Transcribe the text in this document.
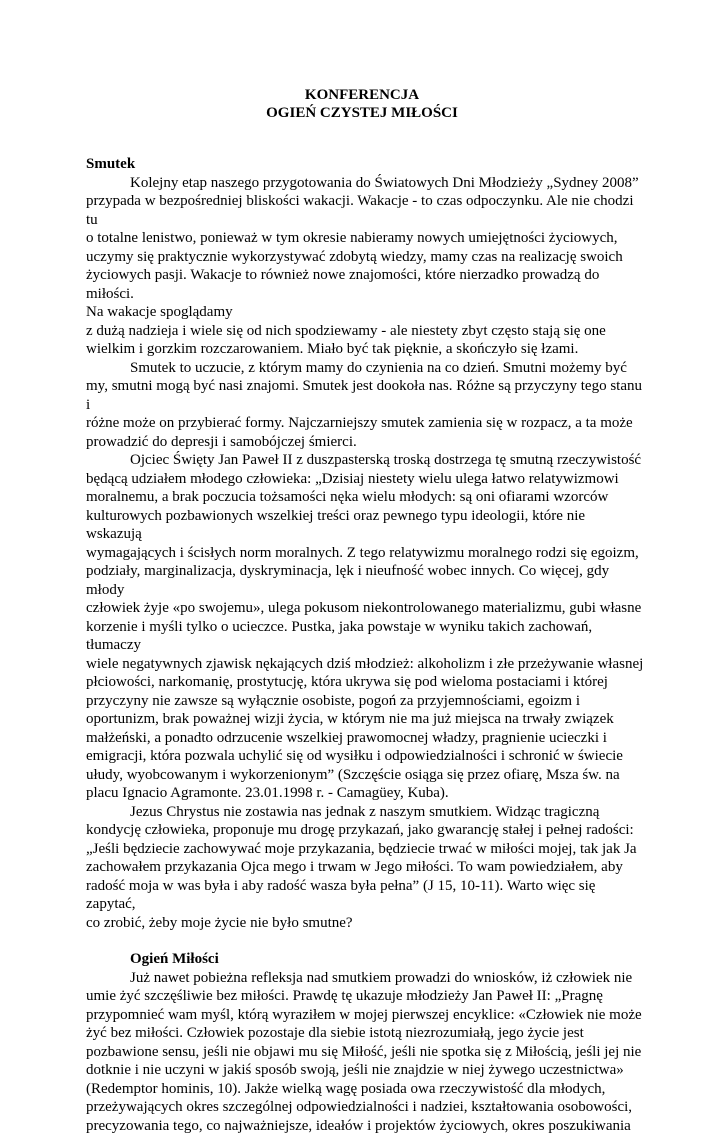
KONFERENCJA
OGIEŃ CZYSTEJ MIŁOŚCI

Smutek

Kolejny etap naszego przygotowania do Światowych Dni Młodzieży „Sydney 2008”
przypada w bezpośredniej bliskości wakacji. Wakacje - to czas odpoczynku. Ale nie chodzi tu
o totalne lenistwo, ponieważ w tym okresie nabieramy nowych umiejętności życiowych,
uczymy się praktycznie wykorzystywać zdobytą wiedzy, mamy czas na realizację swoich
życiowych pasji. Wakacje to również nowe znajomości, które nierzadko prowadzą do miłości.
Na wakacje spoglądamy
z dużą nadzieja i wiele się od nich spodziewamy - ale niestety zbyt często stają się one
wielkim i gorzkim rozczarowaniem. Miało być tak pięknie, a skończyło się łzami.

Smutek to uczucie, z którym mamy do czynienia na co dzień. Smutni możemy być
my, smutni mogą być nasi znajomi. Smutek jest dookoła nas. Różne są przyczyny tego stanu i
różne może on przybierać formy. Najczarniejszy smutek zamienia się w rozpacz, a ta może
prowadzić do depresji i samobójczej śmierci.

Ojciec Święty Jan Paweł II z duszpasterską troską dostrzega tę smutną rzeczywistość
będącą udziałem młodego człowieka: „Dzisiaj niestety wielu ulega łatwo relatywizmowi
moralnemu, a brak poczucia tożsamości nęka wielu młodych: są oni ofiarami wzorców
kulturowych pozbawionych wszelkiej treści oraz pewnego typu ideologii, które nie wskazują
wymagających i ścisłych norm moralnych. Z tego relatywizmu moralnego rodzi się egoizm,
podziały, marginalizacja, dyskryminacja, lęk i nieufność wobec innych. Co więcej, gdy młody
człowiek żyje «po swojemu», ulega pokusom niekontrolowanego materializmu, gubi własne
korzenie i myśli tylko o ucieczce. Pustka, jaka powstaje w wyniku takich zachowań, tłumaczy
wiele negatywnych zjawisk nękających dziś młodzież: alkoholizm i złe przeżywanie własnej
płciowości, narkomanię, prostytucję, która ukrywa się pod wieloma postaciami i której
przyczyny nie zawsze są wyłącznie osobiste, pogoń za przyjemnościami, egoizm i
oportunizm, brak poważnej wizji życia, w którym nie ma już miejsca na trwały związek
małżeński, a ponadto odrzucenie wszelkiej prawomocnej władzy, pragnienie ucieczki i
emigracji, która pozwala uchylić się od wysiłku i odpowiedzialności i schronić w świecie
ułudy, wyobcowanym i wykorzenionym” (Szczęście osiąga się przez ofiarę, Msza św. na
placu Ignacio Agramonte. 23.01.1998 r. - Camagüey, Kuba).

Jezus Chrystus nie zostawia nas jednak z naszym smutkiem. Widząc tragiczną
kondycję człowieka, proponuje mu drogę przykazań, jako gwarancję stałej i pełnej radości:
„Jeśli będziecie zachowywać moje przykazania, będziecie trwać w miłości mojej, tak jak Ja
zachowałem przykazania Ojca mego i trwam w Jego miłości. To wam powiedziałem, aby
radość moja w was była i aby radość wasza była pełna” (J 15, 10-11). Warto więc się zapytać,
co zrobić, żeby moje życie nie było smutne?

Ogień Miłości

Już nawet pobieżna refleksja nad smutkiem prowadzi do wniosków, iż człowiek nie
umie żyć szczęśliwie bez miłości. Prawdę tę ukazuje młodzieży Jan Paweł II: „Pragnę
przypomnieć wam myśl, którą wyraziłem w mojej pierwszej encyklice: «Człowiek nie może
żyć bez miłości. Człowiek pozostaje dla siebie istotą niezrozumiałą, jego życie jest
pozbawione sensu, jeśli nie objawi mu się Miłość, jeśli nie spotka się z Miłością, jeśli jej nie
dotknie i nie uczyni w jakiś sposób swoją, jeśli nie znajdzie w niej żywego uczestnictwa»
(Redemptor hominis, 10). Jakże wielką wagę posiada owa rzeczywistość dla młodych,
przeżywających okres szczególnej odpowiedzialności i nadziei, kształtowania osobowości,
precyzowania tego, co najważniejsze, ideałów i projektów życiowych, okres poszukiwania
